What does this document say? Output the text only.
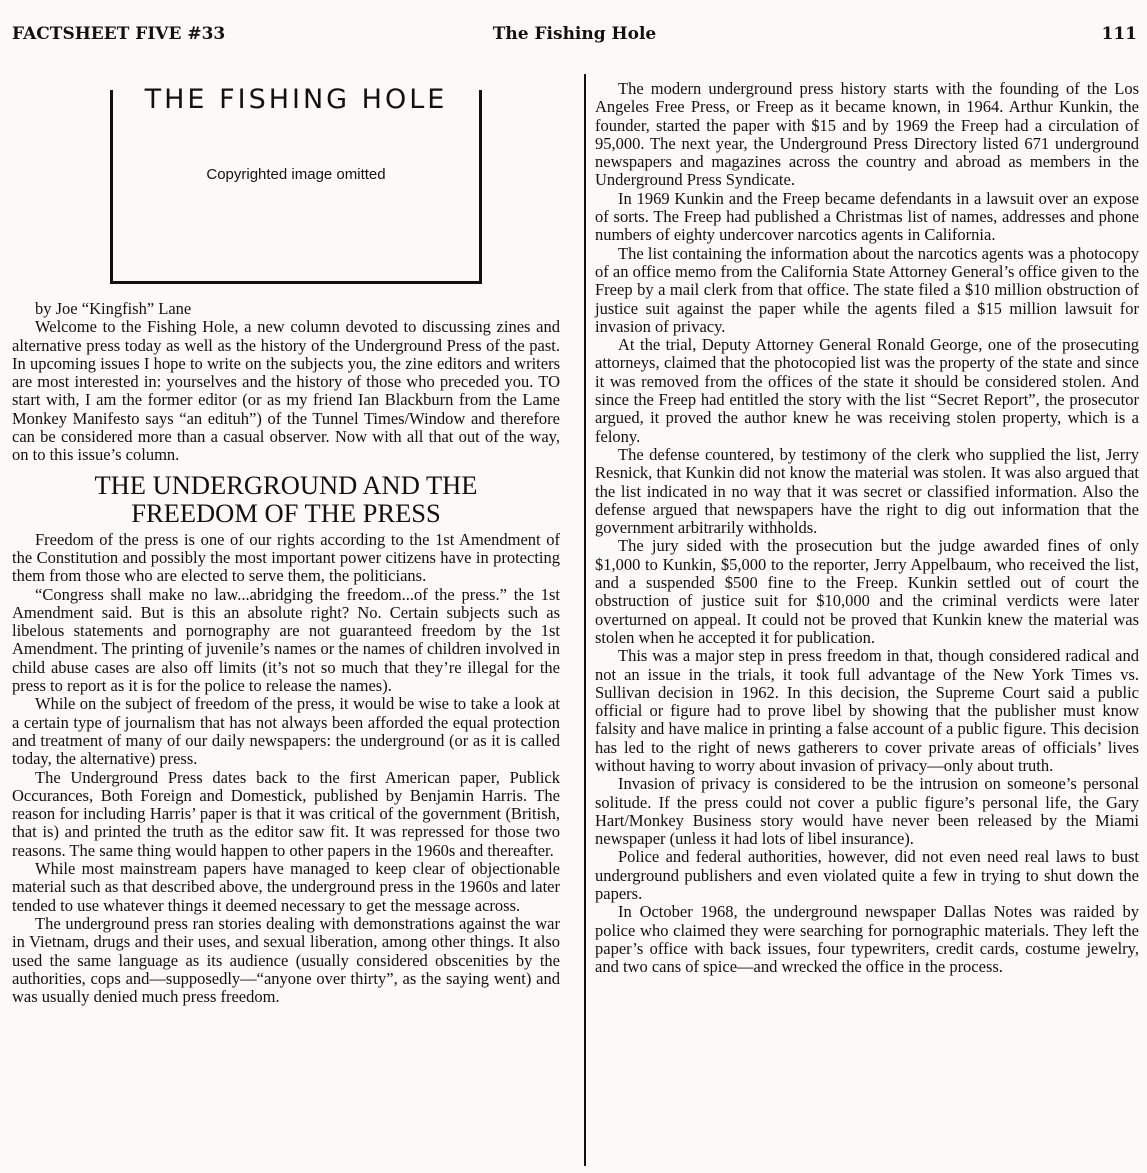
FACTSHEET FIVE #33	The Fishing Hole	111
THE FISHING HOLE
Copyrighted image omitted

by Joe “Kingfish” Lane

Welcome to the Fishing Hole, a new column devoted to discussing zines and alternative press today as well as the history of the Underground Press of the past. In upcoming issues I hope to write on the subjects you, the zine editors and writers are most interested in: yourselves and the history of those who preceded you. TO start with, I am the former editor (or as my friend Ian Blackburn from the Lame Monkey Manifesto says “an edituh”) of the Tunnel Times/Window and therefore can be considered more than a casual observer. Now with all that out of the way, on to this issue’s column.

THE UNDERGROUND AND THE
FREEDOM OF THE PRESS

Freedom of the press is one of our rights according to the 1st Amendment of the Constitution and possibly the most important power citizens have in protecting them from those who are elected to serve them, the politicians.

“Congress shall make no law...abridging the freedom...of the press.” the 1st Amendment said. But is this an absolute right? No. Certain subjects such as libelous statements and pornography are not guaranteed freedom by the 1st Amendment. The printing of juvenile’s names or the names of children involved in child abuse cases are also off limits (it’s not so much that they’re illegal for the press to report as it is for the police to release the names).

While on the subject of freedom of the press, it would be wise to take a look at a certain type of journalism that has not always been afforded the equal protection and treatment of many of our daily newspapers: the underground (or as it is called today, the alternative) press.

The Underground Press dates back to the first American paper, Publick Occurances, Both Foreign and Domestick, published by Benjamin Harris. The reason for including Harris’ paper is that it was critical of the government (British, that is) and printed the truth as the editor saw fit. It was repressed for those two reasons. The same thing would happen to other papers in the 1960s and thereafter.

While most mainstream papers have managed to keep clear of objectionable material such as that described above, the underground press in the 1960s and later tended to use whatever things it deemed necessary to get the message across.

The underground press ran stories dealing with demonstrations against the war in Vietnam, drugs and their uses, and sexual liberation, among other things. It also used the same language as its audience (usually considered obscenities by the authorities, cops and—supposedly—“anyone over thirty”, as the saying went) and was usually denied much press freedom.

The modern underground press history starts with the founding of the Los Angeles Free Press, or Freep as it became known, in 1964. Arthur Kunkin, the founder, started the paper with $15 and by 1969 the Freep had a circulation of 95,000. The next year, the Underground Press Directory listed 671 underground newspapers and magazines across the country and abroad as members in the Underground Press Syndicate.

In 1969 Kunkin and the Freep became defendants in a lawsuit over an expose of sorts. The Freep had published a Christmas list of names, addresses and phone numbers of eighty undercover narcotics agents in California.

The list containing the information about the narcotics agents was a photocopy of an office memo from the California State Attorney General’s office given to the Freep by a mail clerk from that office. The state filed a $10 million obstruction of justice suit against the paper while the agents filed a $15 million lawsuit for invasion of privacy.

At the trial, Deputy Attorney General Ronald George, one of the prosecuting attorneys, claimed that the photocopied list was the property of the state and since it was removed from the offices of the state it should be considered stolen. And since the Freep had entitled the story with the list “Secret Report”, the prosecutor argued, it proved the author knew he was receiving stolen property, which is a felony.

The defense countered, by testimony of the clerk who supplied the list, Jerry Resnick, that Kunkin did not know the material was stolen. It was also argued that the list indicated in no way that it was secret or classified information. Also the defense argued that newspapers have the right to dig out information that the government arbitrarily withholds.

The jury sided with the prosecution but the judge awarded fines of only $1,000 to Kunkin, $5,000 to the reporter, Jerry Appelbaum, who received the list, and a suspended $500 fine to the Freep. Kunkin settled out of court the obstruction of justice suit for $10,000 and the criminal verdicts were later overturned on appeal. It could not be proved that Kunkin knew the material was stolen when he accepted it for publication.

This was a major step in press freedom in that, though considered radical and not an issue in the trials, it took full advantage of the New York Times vs. Sullivan decision in 1962. In this decision, the Supreme Court said a public official or figure had to prove libel by showing that the publisher must know falsity and have malice in printing a false account of a public figure. This decision has led to the right of news gatherers to cover private areas of officials’ lives without having to worry about invasion of privacy—only about truth.

Invasion of privacy is considered to be the intrusion on someone’s personal solitude. If the press could not cover a public figure’s personal life, the Gary Hart/Monkey Business story would have never been released by the Miami newspaper (unless it had lots of libel insurance).

Police and federal authorities, however, did not even need real laws to bust underground publishers and even violated quite a few in trying to shut down the papers.

In October 1968, the underground newspaper Dallas Notes was raided by police who claimed they were searching for pornographic materials. They left the paper’s office with back issues, four typewriters, credit cards, costume jewelry, and two cans of spice—and wrecked the office in the process.
